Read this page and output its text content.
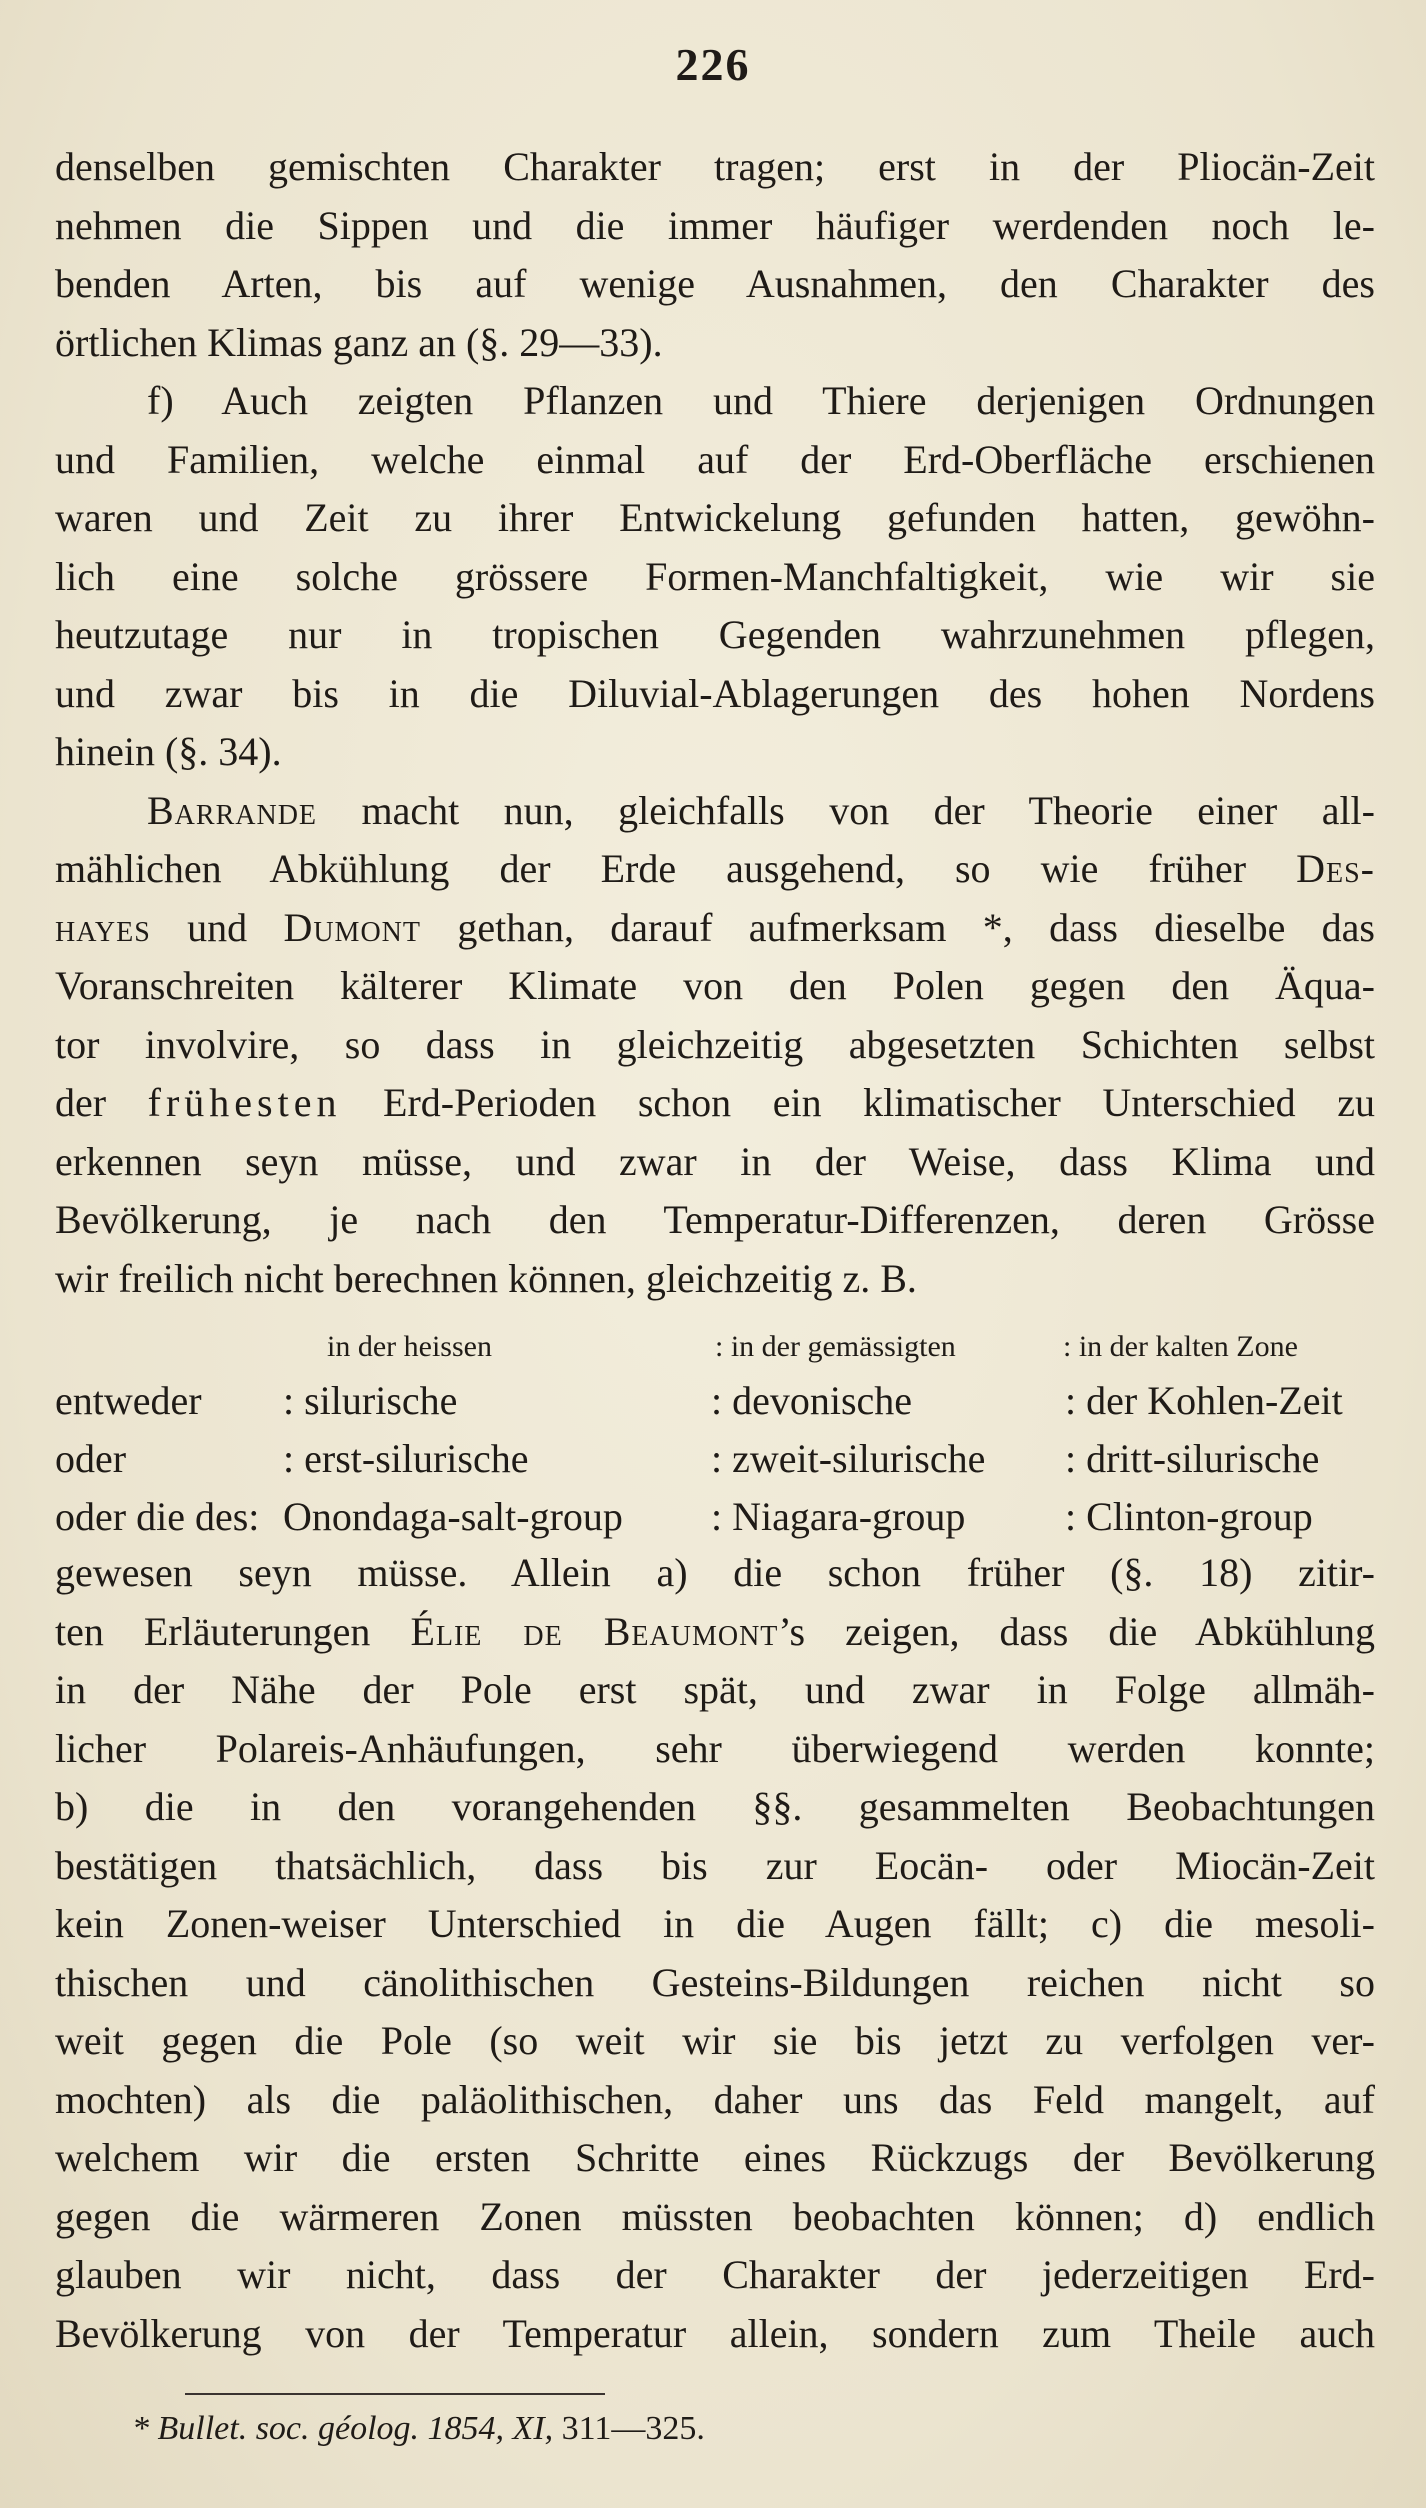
226
denselben gemischten Charakter tragen; erst in der Pliocän-Zeit
nehmen die Sippen und die immer häufiger werdenden noch le-
benden Arten, bis auf wenige Ausnahmen, den Charakter des
örtlichen Klimas ganz an (§. 29—33).
f) Auch zeigten Pflanzen und Thiere derjenigen Ordnungen
und Familien, welche einmal auf der Erd-Oberfläche erschienen
waren und Zeit zu ihrer Entwickelung gefunden hatten, gewöhn-
lich eine solche grössere Formen-Manchfaltigkeit, wie wir sie
heutzutage nur in tropischen Gegenden wahrzunehmen pflegen,
und zwar bis in die Diluvial-Ablagerungen des hohen Nordens
hinein (§. 34).
Barrande macht nun, gleichfalls von der Theorie einer all-
mählichen Abkühlung der Erde ausgehend, so wie früher Des-
hayes und Dumont gethan, darauf aufmerksam *, dass dieselbe das
Voranschreiten kälterer Klimate von den Polen gegen den Äqua-
tor involvire, so dass in gleichzeitig abgesetzten Schichten selbst
der frühesten Erd-Perioden schon ein klimatischer Unterschied zu
erkennen seyn müsse, und zwar in der Weise, dass Klima und
Bevölkerung, je nach den Temperatur-Differenzen, deren Grösse
wir freilich nicht berechnen können, gleichzeitig z. B.
in der heissen	: in der gemässigten	: in der kalten Zone
entweder : silurische	: devonische	: der Kohlen-Zeit
oder	: erst-silurische	: zweit-silurische : dritt-silurische
oder die des: Onondaga-salt-group : Niagara-group : Clinton-group
gewesen seyn müsse. Allein a) die schon früher (§. 18) zitir-
ten Erläuterungen Élie de Beaumont’s zeigen, dass die Abkühlung
in der Nähe der Pole erst spät, und zwar in Folge allmäh-
licher Polareis-Anhäufungen, sehr überwiegend werden konnte;
b) die in den vorangehenden §§. gesammelten Beobachtungen
bestätigen thatsächlich, dass bis zur Eocän- oder Miocän-Zeit
kein Zonen-weiser Unterschied in die Augen fällt; c) die mesoli-
thischen und cänolithischen Gesteins-Bildungen reichen nicht so
weit gegen die Pole (so weit wir sie bis jetzt zu verfolgen ver-
mochten) als die paläolithischen, daher uns das Feld mangelt, auf
welchem wir die ersten Schritte eines Rückzugs der Bevölkerung
gegen die wärmeren Zonen müssten beobachten können; d) endlich
glauben wir nicht, dass der Charakter der jederzeitigen Erd-
Bevölkerung von der Temperatur allein, sondern zum Theile auch
* Bullet. soc. géolog. 1854, XI, 311—325.
